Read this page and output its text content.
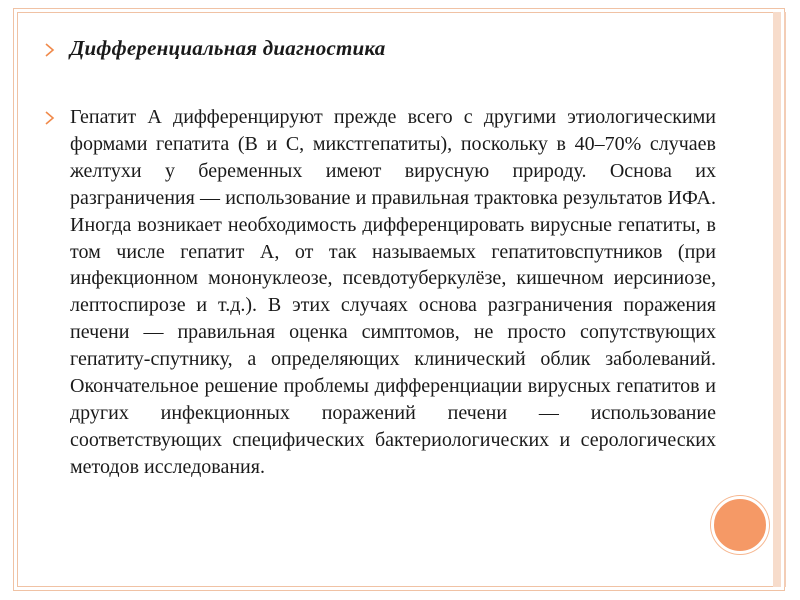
Дифференциальная диагностика

Гепатит А дифференцируют прежде всего с другими этиологическими формами гепатита (В и С, микстгепатиты), поскольку в 40–70% случаев желтухи у беременных имеют вирусную природу. Основа их разграничения — использование и правильная трактовка результатов ИФА. Иногда возникает необходимость дифференцировать вирусные гепатиты, в том числе гепатит А, от так называемых гепатитовспутников (при инфекционном мононуклеозе, псевдотуберкулёзе, кишечном иерсиниозе, лептоспирозе и т.д.). В этих случаях основа разграничения поражения печени — правильная оценка симптомов, не просто сопутствующих гепатиту-спутнику, а определяющих клинический облик заболеваний. Окончательное решение проблемы дифференциации вирусных гепатитов и других инфекционных поражений печени — использование соответствующих специфических бактериологических и серологических методов исследования.
